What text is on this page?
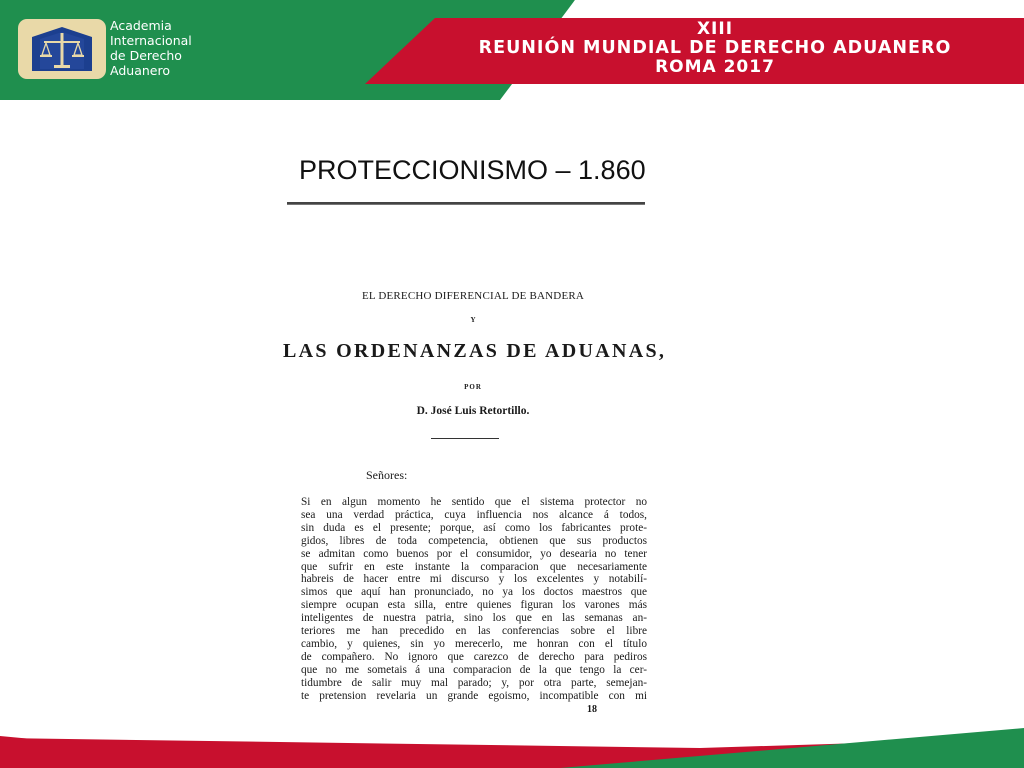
Academia
Internacional
de Derecho
Aduanero
XIII
REUNIÓN MUNDIAL DE DERECHO ADUANERO
ROMA 2017
PROTECCIONISMO – 1.860
EL DERECHO DIFERENCIAL DE BANDERA
Y
LAS ORDENANZAS DE ADUANAS,
POR
D. José Luis Retortillo.
Señores:
Si en algun momento he sentido que el sistema protector no
sea una verdad práctica, cuya influencia nos alcance á todos,
sin duda es el presente; porque, así como los fabricantes prote-
gidos, libres de toda competencia, obtienen que sus productos
se admitan como buenos por el consumidor, yo desearia no tener
que sufrir en este instante la comparacion que necesariamente
habreis de hacer entre mi discurso y los excelentes y notabilí-
simos que aquí han pronunciado, no ya los doctos maestros que
siempre ocupan esta silla, entre quienes figuran los varones más
inteligentes de nuestra patria, sino los que en las semanas an-
teriores me han precedido en las conferencias sobre el libre
cambio, y quienes, sin yo merecerlo, me honran con el título
de compañero. No ignoro que carezco de derecho para pediros
que no me sometais á una comparacion de la que tengo la cer-
tidumbre de salir muy mal parado; y, por otra parte, semejan-
te pretension revelaria un grande egoismo, incompatible con mi
18
